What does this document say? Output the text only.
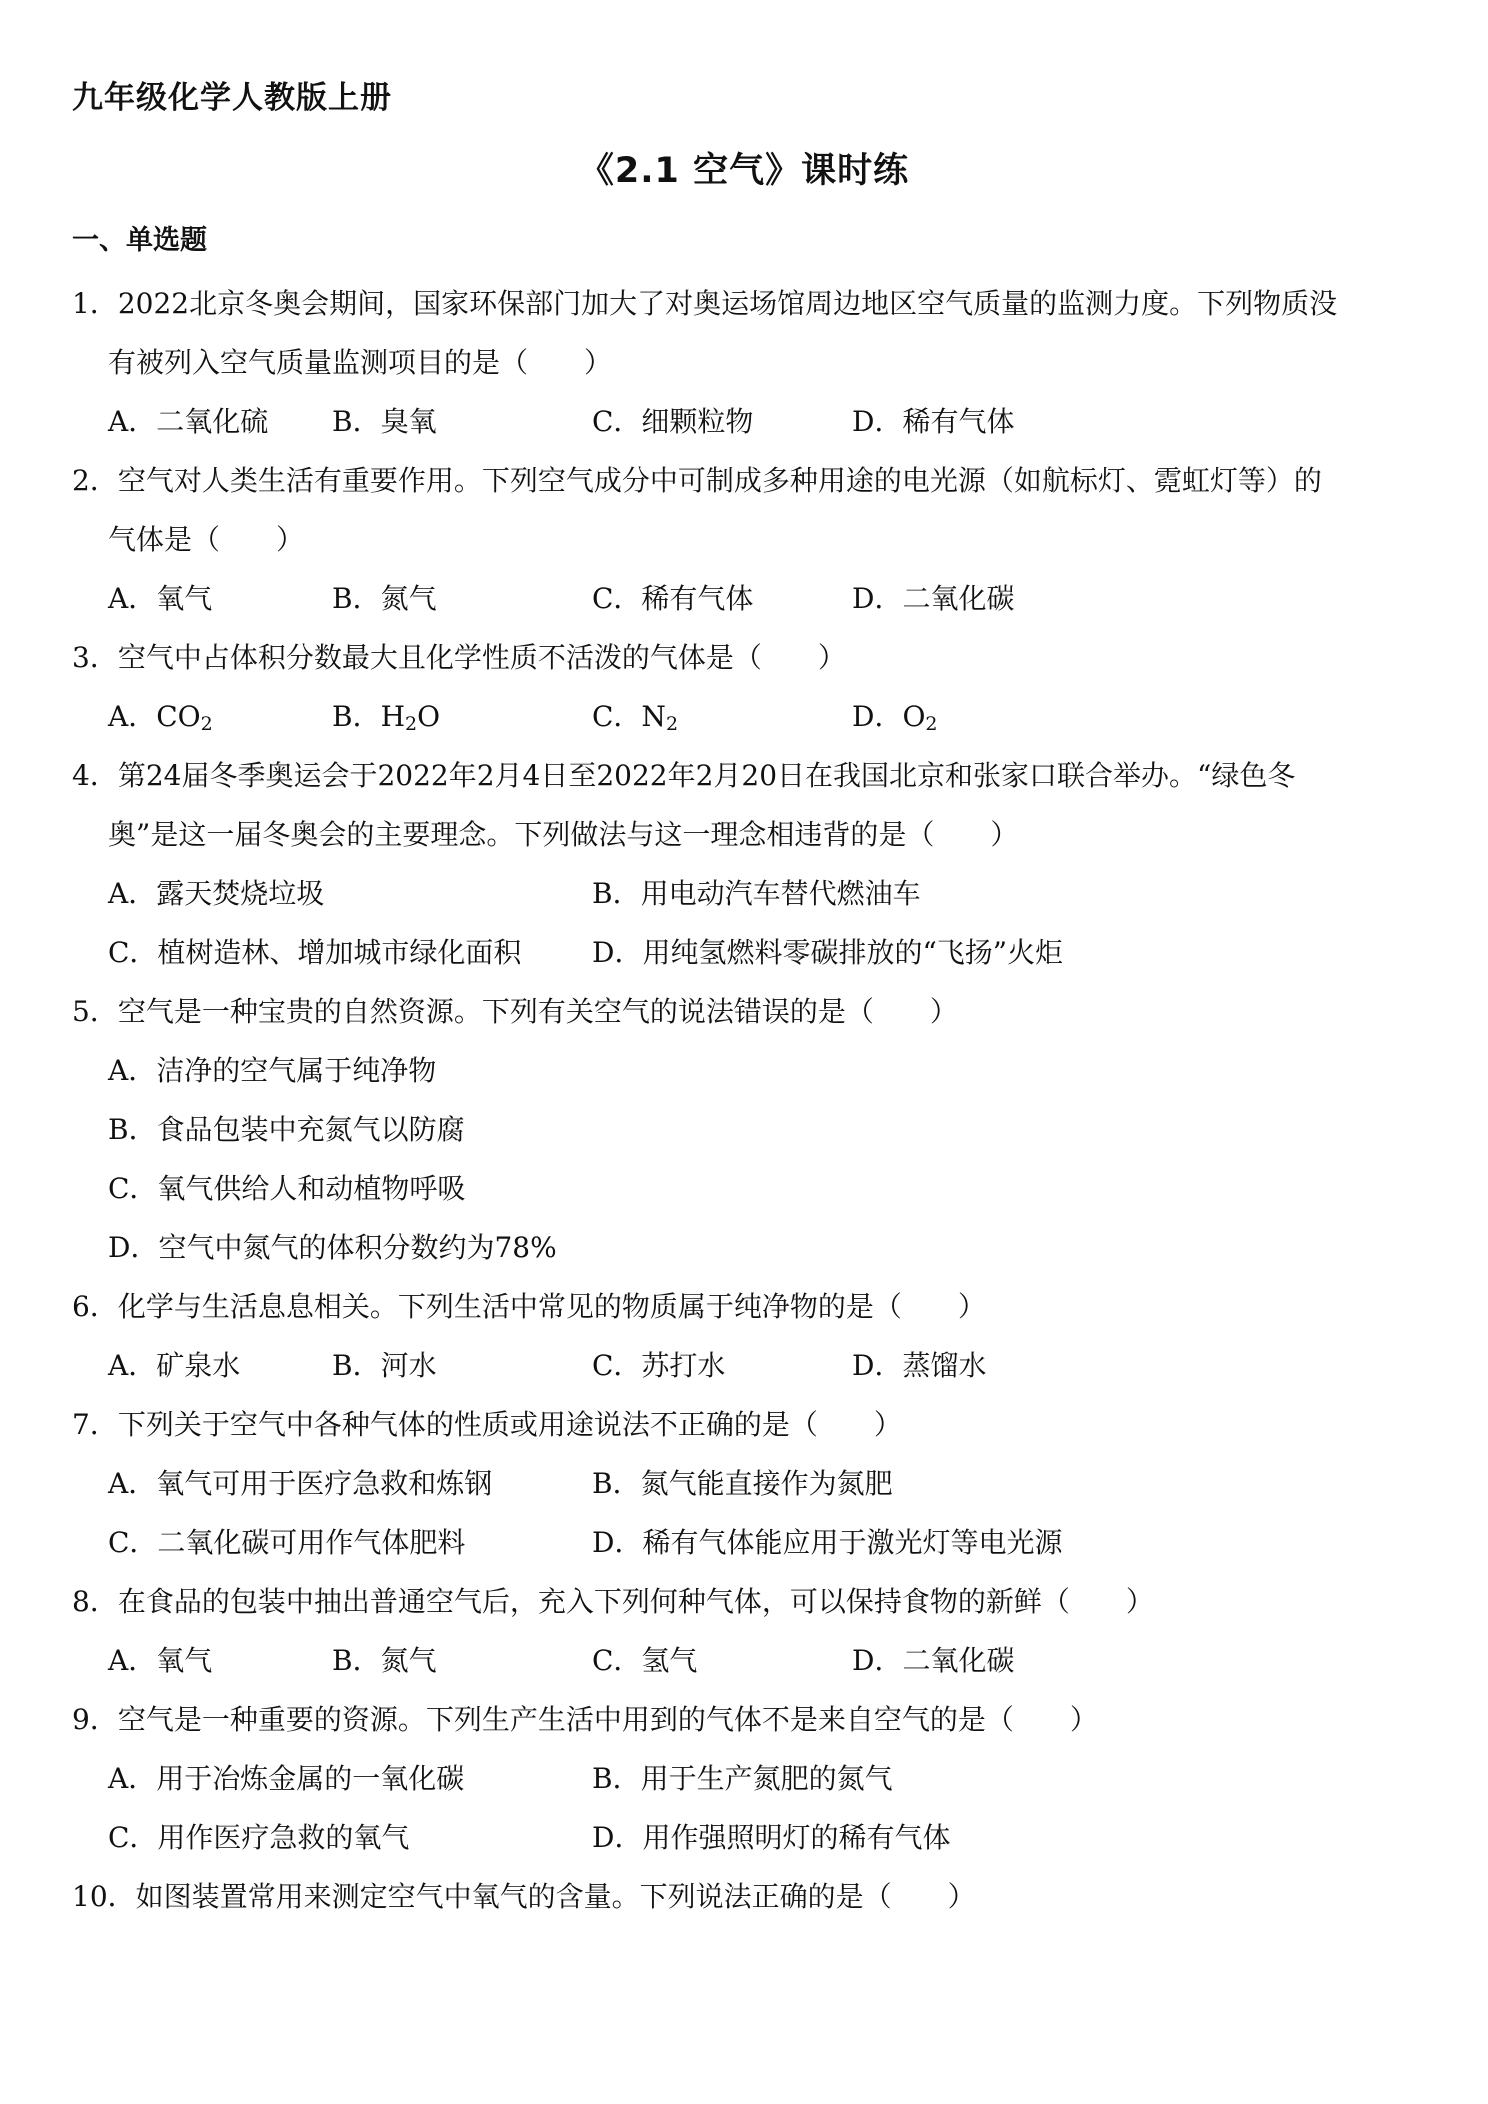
九年级化学人教版上册
《2.1 空气》课时练
一、单选题
1．2022北京冬奥会期间，国家环保部门加大了对奥运场馆周边地区空气质量的监测力度。下列物质没
有被列入空气质量监测项目的是（　　）
A．二氧化硫 B．臭氧	C．细颗粒物	D．稀有气体
2．空气对人类生活有重要作用。下列空气成分中可制成多种用途的电光源（如航标灯、霓虹灯等）的
气体是（　　）
A．氧气	B．氮气	C．稀有气体	D．二氧化碳
3．空气中占体积分数最大且化学性质不活泼的气体是（　　）
A．$CO_2$	B．$H_2O$	C．$N_2$	D．$O_2$
4．第24届冬季奥运会于2022年2月4日至2022年2月20日在我国北京和张家口联合举办。“绿色冬
奥”是这一届冬奥会的主要理念。下列做法与这一理念相违背的是（　　）
A．露天焚烧垃圾	B．用电动汽车替代燃油车
C．植树造林、增加城市绿化面积	D．用纯氢燃料零碳排放的“飞扬”火炬
5．空气是一种宝贵的自然资源。下列有关空气的说法错误的是（　　）
A．洁净的空气属于纯净物
B．食品包装中充氮气以防腐
C．氧气供给人和动植物呼吸
D．空气中氮气的体积分数约为78%
6．化学与生活息息相关。下列生活中常见的物质属于纯净物的是（　　）
A．矿泉水	B．河水	C．苏打水	D．蒸馏水
7．下列关于空气中各种气体的性质或用途说法不正确的是（　　）
A．氧气可用于医疗急救和炼钢	B．氮气能直接作为氮肥
C．二氧化碳可用作气体肥料	D．稀有气体能应用于激光灯等电光源
8．在食品的包装中抽出普通空气后，充入下列何种气体，可以保持食物的新鲜（　　）
A．氧气	B．氮气	C．氢气	D．二氧化碳
9．空气是一种重要的资源。下列生产生活中用到的气体不是来自空气的是（　　）
A．用于冶炼金属的一氧化碳	B．用于生产氮肥的氮气
C．用作医疗急救的氧气	D．用作强照明灯的稀有气体
10．如图装置常用来测定空气中氧气的含量。下列说法正确的是（　　）
